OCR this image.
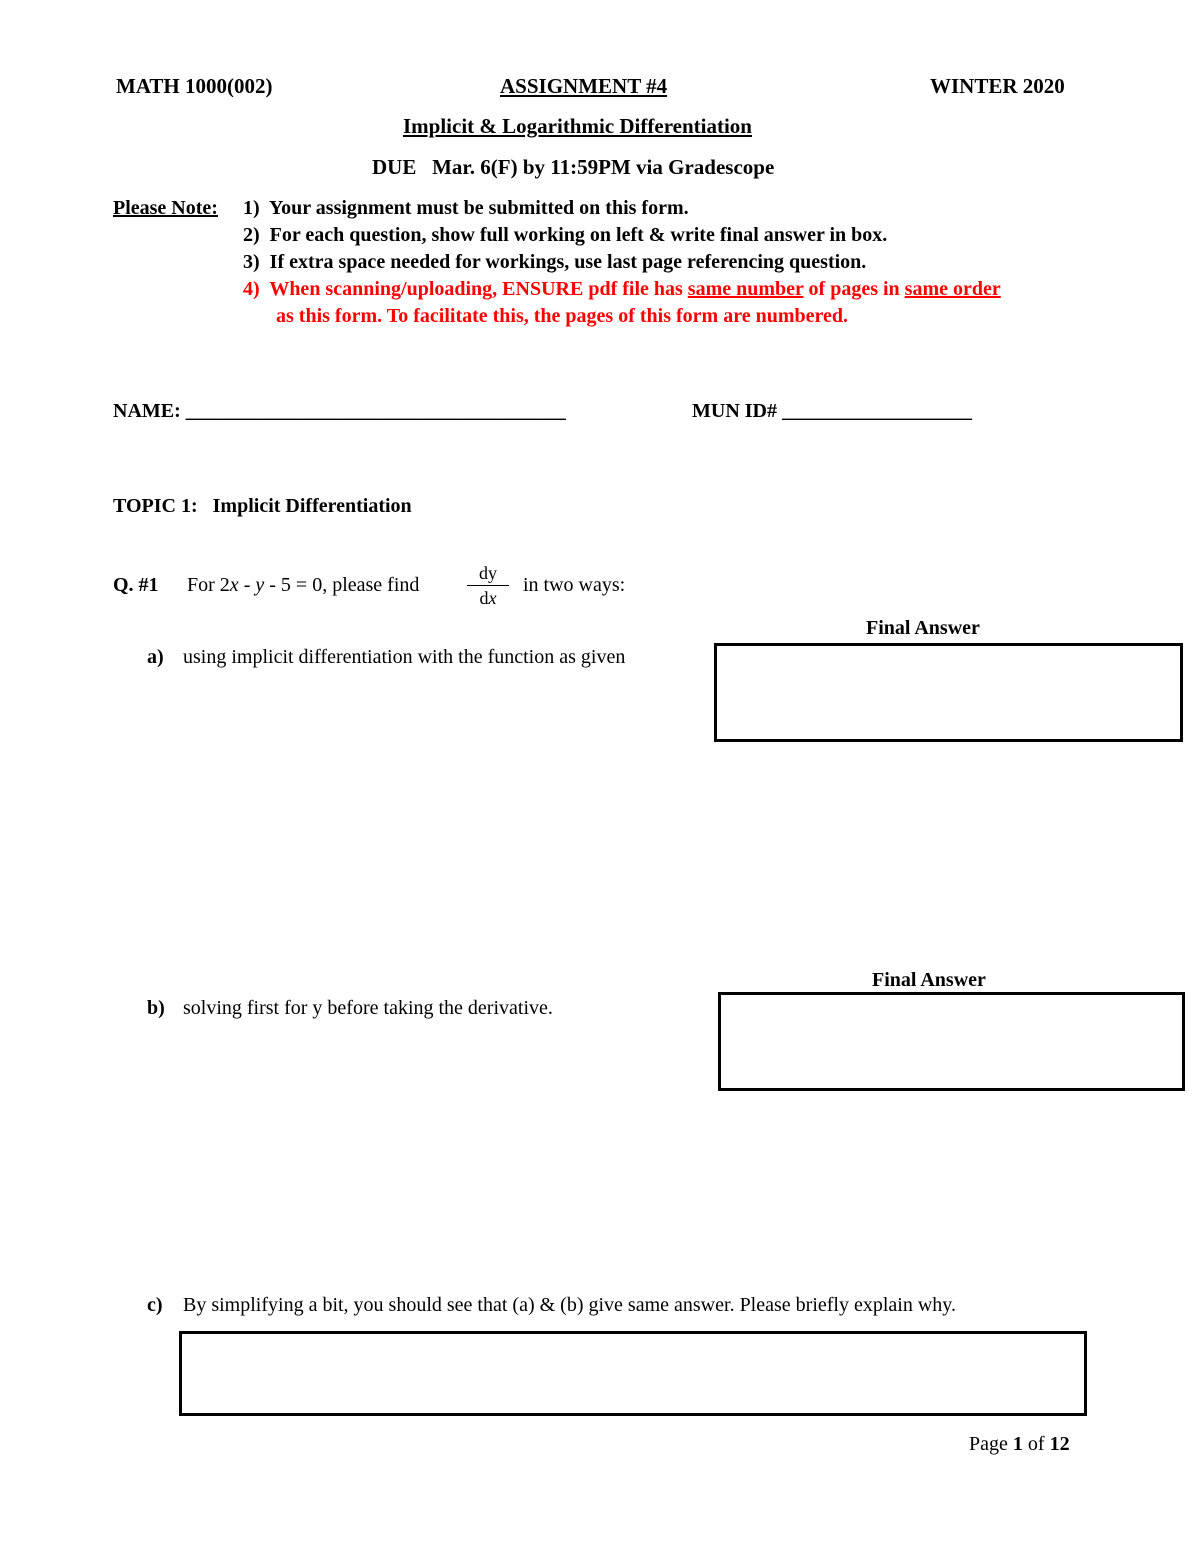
MATH 1000(002)	ASSIGNMENT #4	WINTER 2020
Implicit & Logarithmic Differentiation
DUE Mar. 6(F) by 11:59PM via Gradescope
Please Note: 1) Your assignment must be submitted on this form.
2) For each question, show full working on left & write final answer in box.
3) If extra space needed for workings, use last page referencing question.
4) When scanning/uploading, ENSURE pdf file has same number of pages in same order
as this form. To facilitate this, the pages of this form are numbered.
NAME: ______________________________________	MUN ID# ___________________
TOPIC 1: Implicit Differentiation
Q. #1 For 2x - y - 5 = 0, please find
dy
dx
in two ways:
Final Answer
a) using implicit differentiation with the function as given
Final Answer
b) solving first for y before taking the derivative.
c) By simplifying a bit, you should see that (a) & (b) give same answer. Please briefly explain why.
Page 1 of 12
